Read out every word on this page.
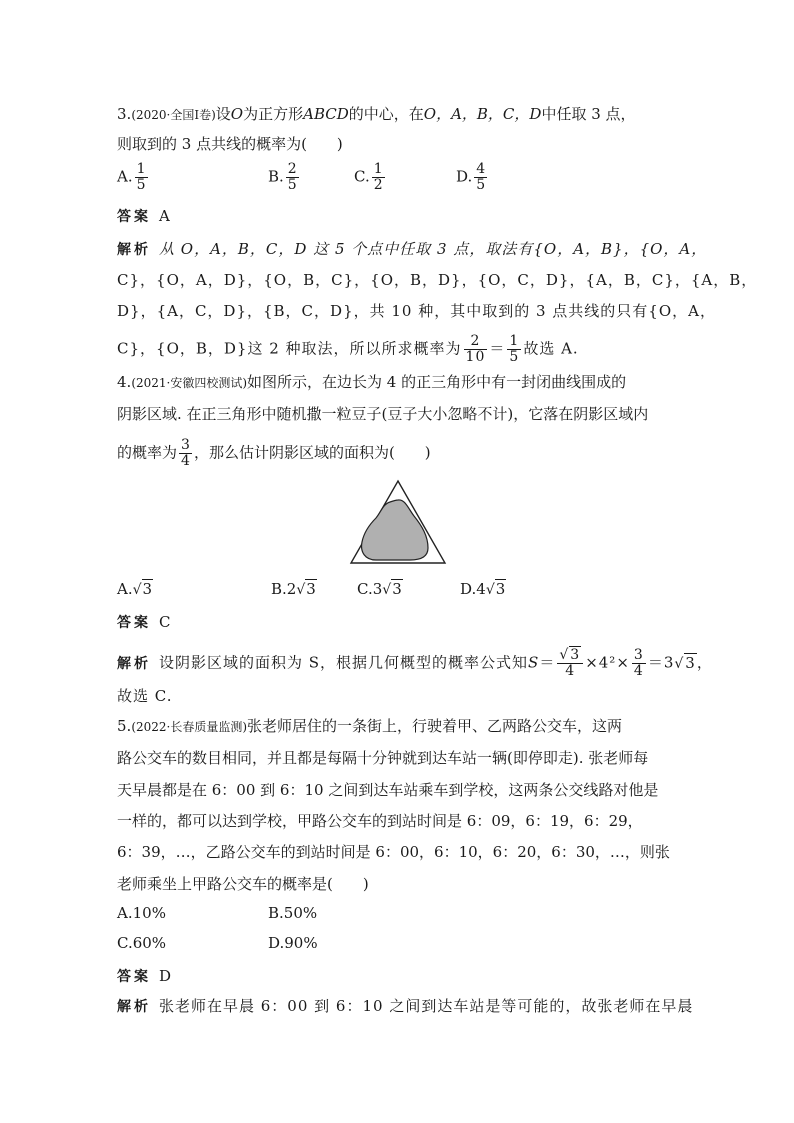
3.(2020·全国Ⅰ卷)设O为正方形ABCD的中心，在O，A，B，C，D中任取 3 点，
则取到的 3 点共线的概率为(　　)
A. $\frac{1}{5}$	B. $\frac{2}{5}$	C. $\frac{1}{2}$	D. $\frac{4}{5}$
答案 A
解析 从 O，A，B，C，D 这 5 个点中任取 3 点，取法有{O，A，B}，{O，A，
C}，{O，A，D}，{O，B，C}，{O，B，D}，{O，C，D}，{A，B，C}，{A，B，
D}，{A，C，D}，{B，C，D}，共 10 种，其中取到的 3 点共线的只有{O，A，
C}，{O，B，D}这 2 种取法，所以所求概率为 $\frac{2}{10} = \frac{1}{5}$ 故选 A.
4.(2021·安徽四校测试)如图所示，在边长为 4 的正三角形中有一封闭曲线围成的
阴影区域. 在正三角形中随机撒一粒豆子(豆子大小忽略不计)，它落在阴影区域内
的概率为 $\frac{3}{4}$ ，那么估计阴影区域的面积为(　　)
A.√3	B.2√3	C.3√3	D.4√3
答案 C
解析 设阴影区域的面积为 S，根据几何概型的概率公式知$S= \frac{√3}{4} \times 4^2\times \frac{3}{4} =3√3$，
故选 C.
5.(2022·长春质量监测)张老师居住的一条街上，行驶着甲、乙两路公交车，这两
路公交车的数目相同，并且都是每隔十分钟就到达车站一辆(即停即走). 张老师每
天早晨都是在 6：00 到 6：10 之间到达车站乘车到学校，这两条公交线路对他是
一样的，都可以达到学校，甲路公交车的到站时间是 6：09，6：19，6：29，
6：39，…，乙路公交车的到站时间是 6：00，6：10，6：20，6：30，…，则张
老师乘坐上甲路公交车的概率是(　　)
A.10%	B.50%
C.60%	D.90%
答案 D
解析 张老师在早晨 6：00 到 6：10 之间到达车站是等可能的，故张老师在早晨
